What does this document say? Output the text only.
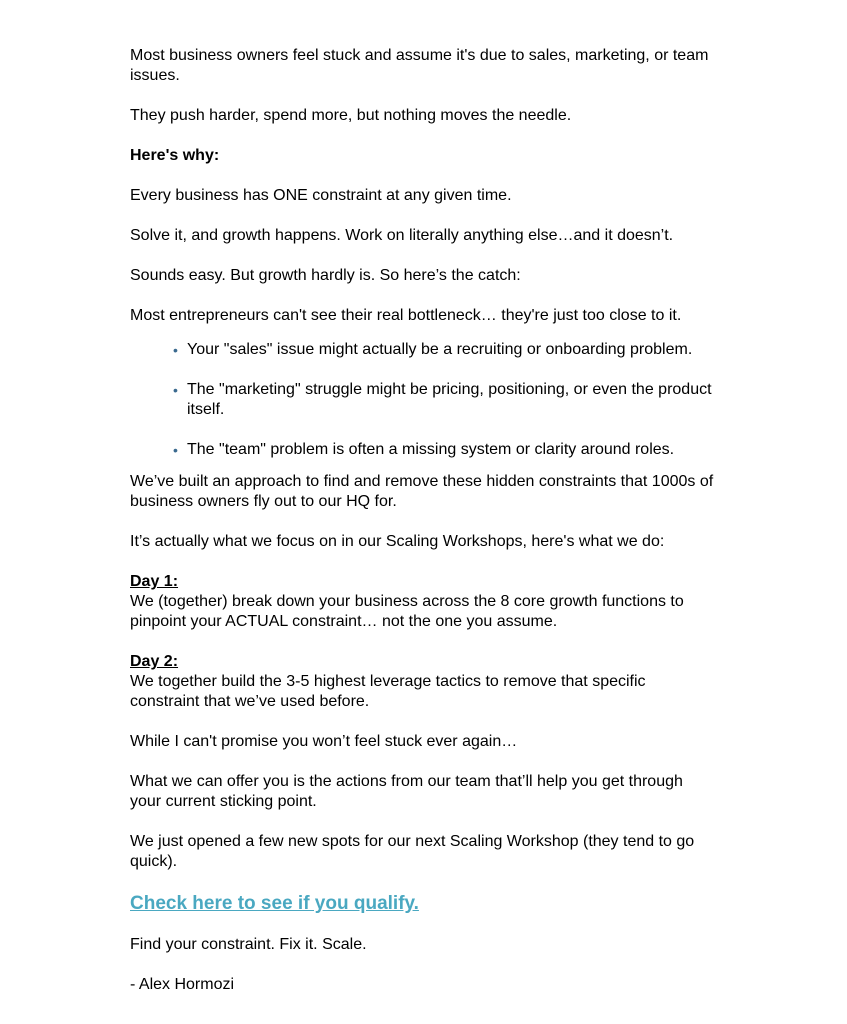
Most business owners feel stuck and assume it's due to sales, marketing, or team issues.

They push harder, spend more, but nothing moves the needle.

Here's why:

Every business has ONE constraint at any given time.

Solve it, and growth happens. Work on literally anything else…and it doesn’t.

Sounds easy. But growth hardly is. So here’s the catch:

Most entrepreneurs can't see their real bottleneck… they're just too close to it.

• Your "sales" issue might actually be a recruiting or onboarding problem.
• The "marketing" struggle might be pricing, positioning, or even the product itself.
• The "team" problem is often a missing system or clarity around roles.

We’ve built an approach to find and remove these hidden constraints that 1000s of business owners fly out to our HQ for.

It’s actually what we focus on in our Scaling Workshops, here's what we do:

Day 1:
We (together) break down your business across the 8 core growth functions to pinpoint your ACTUAL constraint… not the one you assume.

Day 2:
We together build the 3-5 highest leverage tactics to remove that specific constraint that we’ve used before.

While I can't promise you won’t feel stuck ever again…

What we can offer you is the actions from our team that’ll help you get through your current sticking point.

We just opened a few new spots for our next Scaling Workshop (they tend to go quick).

Check here to see if you qualify.

Find your constraint. Fix it. Scale.

- Alex Hormozi
